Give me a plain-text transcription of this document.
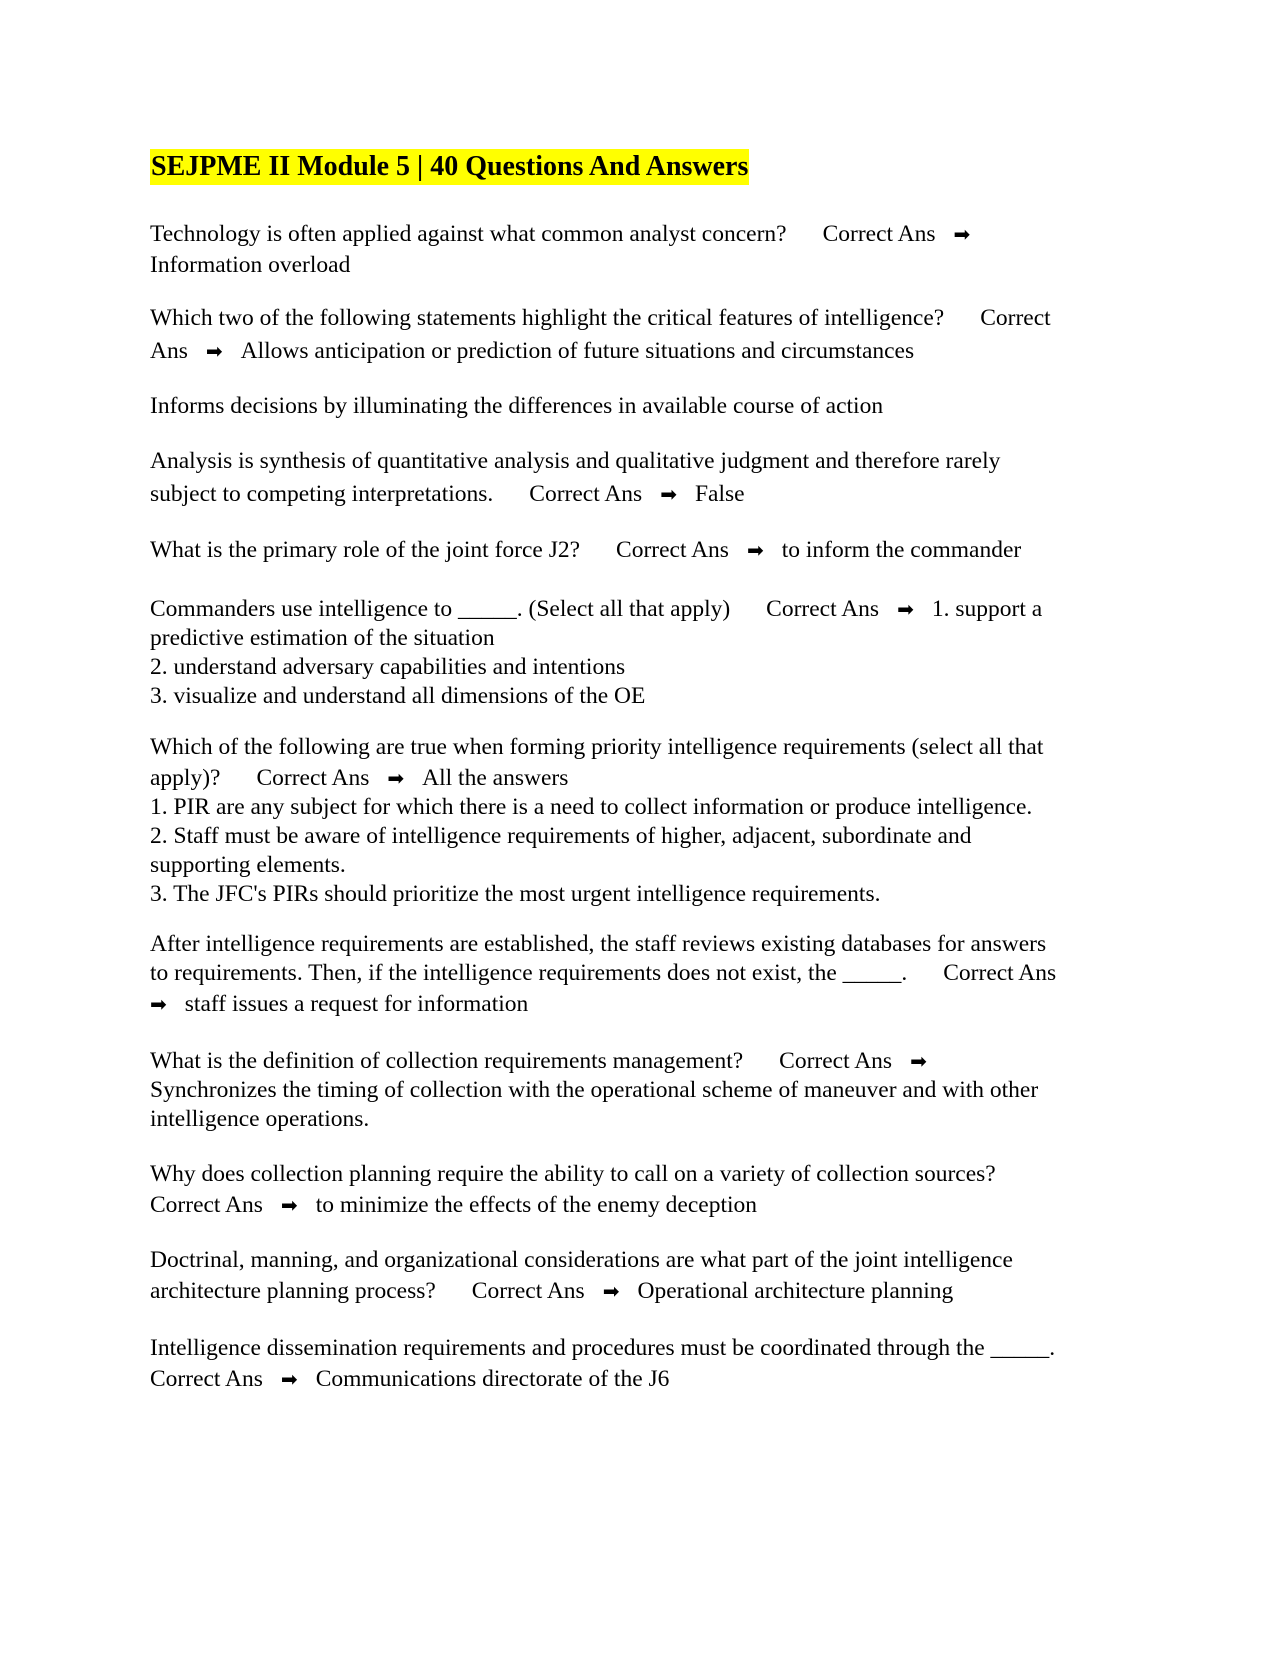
SEJPME II Module 5 | 40 Questions And Answers
Technology is often applied against what common analyst concern? Correct Ans ➡
Information overload
Which two of the following statements highlight the critical features of intelligence? Correct
Ans ➡ Allows anticipation or prediction of future situations and circumstances
Informs decisions by illuminating the differences in available course of action
Analysis is synthesis of quantitative analysis and qualitative judgment and therefore rarely
subject to competing interpretations. Correct Ans ➡ False
What is the primary role of the joint force J2? Correct Ans ➡ to inform the commander
Commanders use intelligence to _____. (Select all that apply) Correct Ans ➡ 1. support a
predictive estimation of the situation
2. understand adversary capabilities and intentions
3. visualize and understand all dimensions of the OE
Which of the following are true when forming priority intelligence requirements (select all that
apply)? Correct Ans ➡ All the answers
1. PIR are any subject for which there is a need to collect information or produce intelligence.
2. Staff must be aware of intelligence requirements of higher, adjacent, subordinate and
supporting elements.
3. The JFC's PIRs should prioritize the most urgent intelligence requirements.
After intelligence requirements are established, the staff reviews existing databases for answers
to requirements. Then, if the intelligence requirements does not exist, the _____. Correct Ans
➡ staff issues a request for information
What is the definition of collection requirements management? Correct Ans ➡
Synchronizes the timing of collection with the operational scheme of maneuver and with other
intelligence operations.
Why does collection planning require the ability to call on a variety of collection sources?
Correct Ans ➡ to minimize the effects of the enemy deception
Doctrinal, manning, and organizational considerations are what part of the joint intelligence
architecture planning process? Correct Ans ➡ Operational architecture planning
Intelligence dissemination requirements and procedures must be coordinated through the _____.
Correct Ans ➡ Communications directorate of the J6
